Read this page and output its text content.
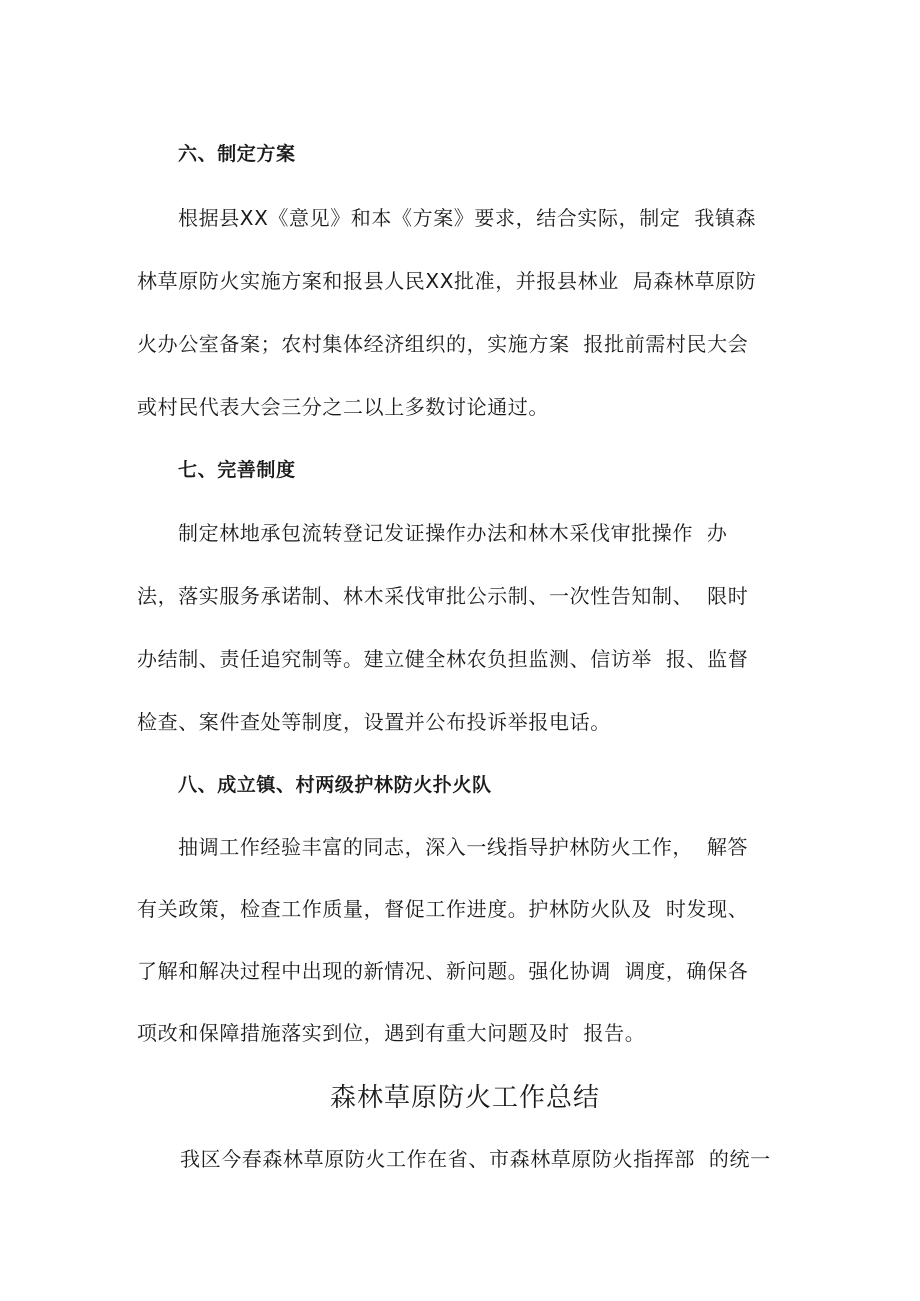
六、制定方案
根据县XX《意见》和本《方案》要求，结合实际，制定  我镇森
林草原防火实施方案和报县人民XX批准，并报县林业  局森林草原防
火办公室备案；农村集体经济组织的，实施方案  报批前需村民大会
或村民代表大会三分之二以上多数讨论通过。
七、完善制度
制定林地承包流转登记发证操作办法和林木采伐审批操作  办
法，落实服务承诺制、林木采伐审批公示制、一次性告知制、  限时
办结制、责任追究制等。建立健全林农负担监测、信访举  报、监督
检查、案件查处等制度，设置并公布投诉举报电话。
八、成立镇、村两级护林防火扑火队
抽调工作经验丰富的同志，深入一线指导护林防火工作，  解答
有关政策，检查工作质量，督促工作进度。护林防火队及  时发现、
了解和解决过程中出现的新情况、新问题。强化协调  调度，确保各
项改和保障措施落实到位，遇到有重大问题及时  报告。
森林草原防火工作总结
我区今春森林草原防火工作在省、市森林草原防火指挥部  的统一
